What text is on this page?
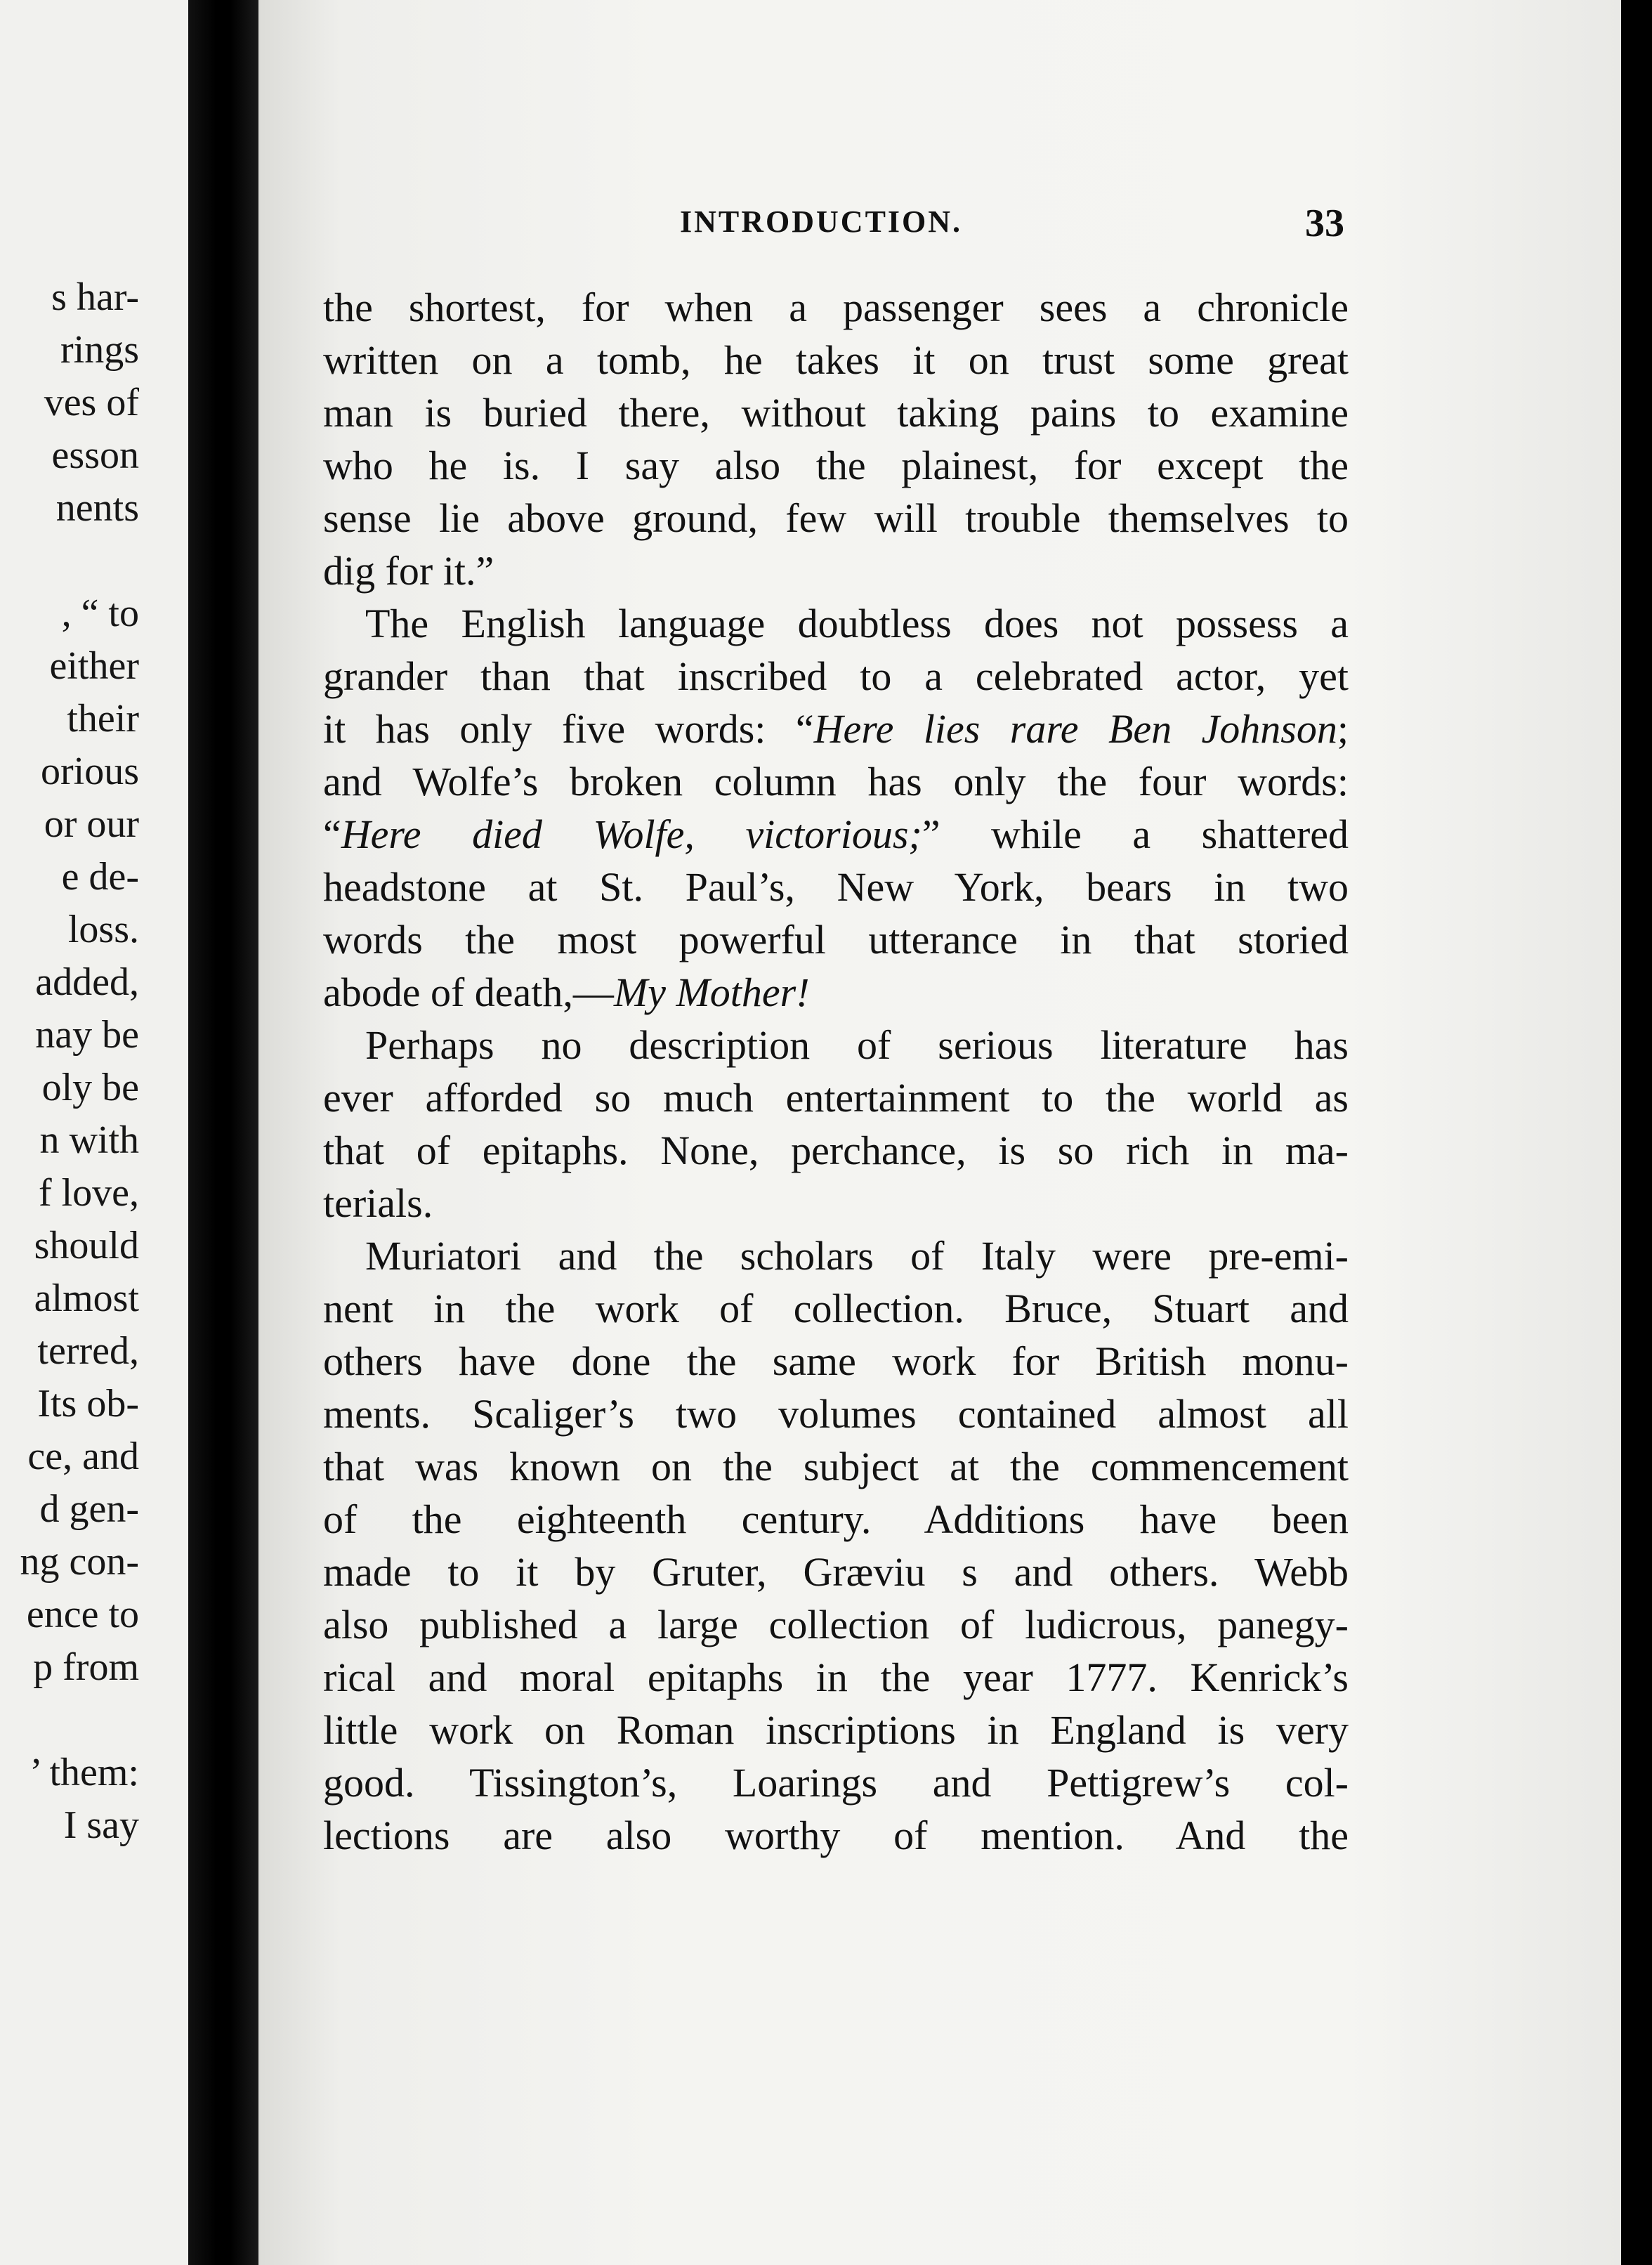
s har-
rings
ves of
esson
nents
, “ to
either
their
orious
or our
e de-
loss.
added,
nay be
oly be
n with
f love,
should
almost
terred,
Its ob-
ce, and
d gen-
ng con-
ence to
p from
’ them:
I say
INTRODUCTION.	33
the shortest, for when a passenger sees a chronicle
written on a tomb, he takes it on trust some great
man is buried there, without taking pains to examine
who he is. I say also the plainest, for except the
sense lie above ground, few will trouble themselves to
dig for it.”
The English language doubtless does not possess a
grander than that inscribed to a celebrated actor, yet
it has only five words: “Here lies rare Ben Johnson;
and Wolfe’s broken column has only the four words:
“Here died Wolfe, victorious;” while a shattered
headstone at St. Paul’s, New York, bears in two
words the most powerful utterance in that storied
abode of death,—My Mother!
Perhaps no description of serious literature has
ever afforded so much entertainment to the world as
that of epitaphs. None, perchance, is so rich in ma-
terials.
Muriatori and the scholars of Italy were pre-emi-
nent in the work of collection. Bruce, Stuart and
others have done the same work for British monu-
ments. Scaliger’s two volumes contained almost all
that was known on the subject at the commencement
of the eighteenth century. Additions have been
made to it by Gruter, Græviu s and others. Webb
also published a large collection of ludicrous, panegy-
rical and moral epitaphs in the year 1777. Kenrick’s
little work on Roman inscriptions in England is very
good. Tissington’s, Loarings and Pettigrew’s col-
lections are also worthy of mention. And the
